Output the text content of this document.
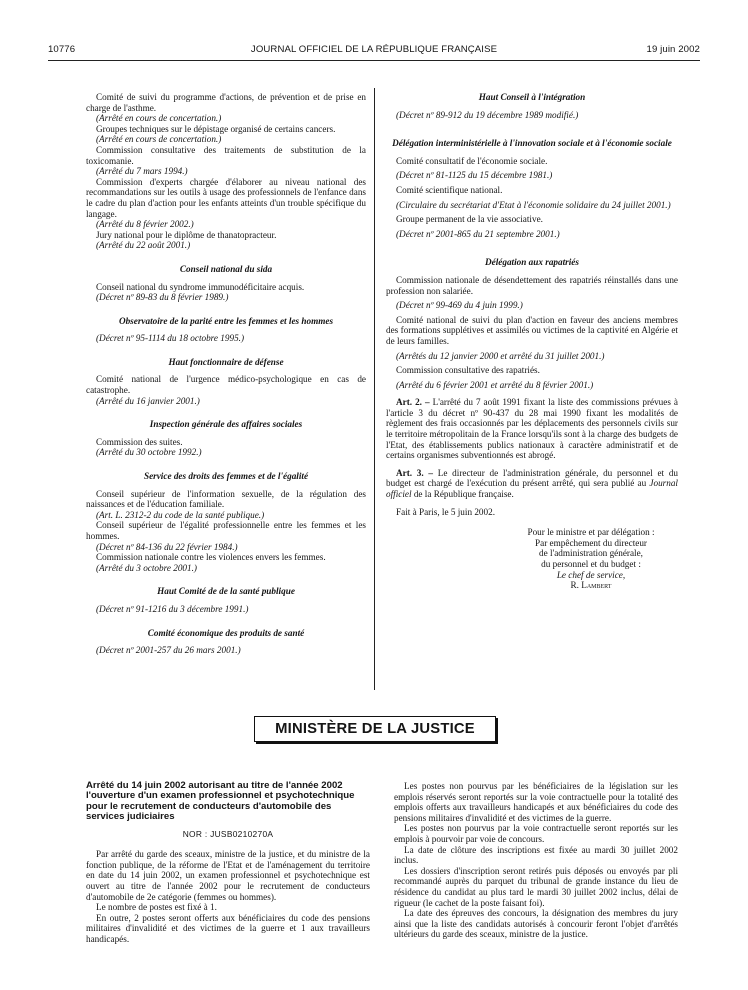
10776	JOURNAL OFFICIEL DE LA RÉPUBLIQUE FRANÇAISE	19 juin 2002

Comité de suivi du programme d'actions, de prévention et de prise en charge de l'asthme.

(Arrêté en cours de concertation.)

Groupes techniques sur le dépistage organisé de certains cancers.

(Arrêté en cours de concertation.)

Commission consultative des traitements de substitution de la toxicomanie.

(Arrêté du 7 mars 1994.)

Commission d'experts chargée d'élaborer au niveau national des recommandations sur les outils à usage des professionnels de l'enfance dans le cadre du plan d'action pour les enfants atteints d'un trouble spécifique du langage.

(Arrêté du 8 février 2002.)

Jury national pour le diplôme de thanatopracteur.

(Arrêté du 22 août 2001.)

Conseil national du sida

Conseil national du syndrome immunodéficitaire acquis.

(Décret nº 89-83 du 8 février 1989.)

Observatoire de la parité entre les femmes et les hommes

(Décret nº 95-1114 du 18 octobre 1995.)

Haut fonctionnaire de défense

Comité national de l'urgence médico-psychologique en cas de catastrophe.

(Arrêté du 16 janvier 2001.)

Inspection générale des affaires sociales

Commission des suites.

(Arrêté du 30 octobre 1992.)

Service des droits des femmes et de l'égalité

Conseil supérieur de l'information sexuelle, de la régulation des naissances et de l'éducation familiale.

(Art. L. 2312-2 du code de la santé publique.)

Conseil supérieur de l'égalité professionnelle entre les femmes et les hommes.

(Décret nº 84-136 du 22 février 1984.)

Commission nationale contre les violences envers les femmes.

(Arrêté du 3 octobre 2001.)

Haut Comité de de la santé publique

(Décret nº 91-1216 du 3 décembre 1991.)

Comité économique des produits de santé

(Décret nº 2001-257 du 26 mars 2001.)

Haut Conseil à l'intégration

(Décret nº 89-912 du 19 décembre 1989 modifié.)

Délégation interministérielle à l'innovation sociale et à l'économie sociale

Comité consultatif de l'économie sociale.

(Décret nº 81-1125 du 15 décembre 1981.)

Comité scientifique national.

(Circulaire du secrétariat d'Etat à l'économie solidaire du 24 juillet 2001.)

Groupe permanent de la vie associative.

(Décret nº 2001-865 du 21 septembre 2001.)

Délégation aux rapatriés

Commission nationale de désendettement des rapatriés réinstallés dans une profession non salariée.

(Décret nº 99-469 du 4 juin 1999.)

Comité national de suivi du plan d'action en faveur des anciens membres des formations supplétives et assimilés ou victimes de la captivité en Algérie et de leurs familles.

(Arrêtés du 12 janvier 2000 et arrêté du 31 juillet 2001.)

Commission consultative des rapatriés.

(Arrêté du 6 février 2001 et arrêté du 8 février 2001.)

Art. 2. – L'arrêté du 7 août 1991 fixant la liste des commissions prévues à l'article 3 du décret nº 90-437 du 28 mai 1990 fixant les modalités de règlement des frais occasionnés par les déplacements des personnels civils sur le territoire métropolitain de la France lorsqu'ils sont à la charge des budgets de l'Etat, des établissements publics nationaux à caractère administratif et de certains organismes subventionnés est abrogé.

Art. 3. – Le directeur de l'administration générale, du personnel et du budget est chargé de l'exécution du présent arrêté, qui sera publié au Journal officiel de la République française.

Fait à Paris, le 5 juin 2002.

Pour le ministre et par délégation :
Par empêchement du directeur
de l'administration générale,
du personnel et du budget :
Le chef de service,
R. Lambert
MINISTÈRE DE LA JUSTICE

Arrêté du 14 juin 2002 autorisant au titre de l'année 2002 l'ouverture d'un examen professionnel et psychotechnique pour le recrutement de conducteurs d'automobile des services judiciaires

NOR : JUSB0210270A

Par arrêté du garde des sceaux, ministre de la justice, et du ministre de la fonction publique, de la réforme de l'Etat et de l'aménagement du territoire en date du 14 juin 2002, un examen professionnel et psychotechnique est ouvert au titre de l'année 2002 pour le recrutement de conducteurs d'automobile de 2e catégorie (femmes ou hommes).

Le nombre de postes est fixé à 1.

En outre, 2 postes seront offerts aux bénéficiaires du code des pensions militaires d'invalidité et des victimes de la guerre et 1 aux travailleurs handicapés.

Les postes non pourvus par les bénéficiaires de la législation sur les emplois réservés seront reportés sur la voie contractuelle pour la totalité des emplois offerts aux travailleurs handicapés et aux bénéficiaires du code des pensions militaires d'invalidité et des victimes de la guerre.

Les postes non pourvus par la voie contractuelle seront reportés sur les emplois à pourvoir par voie de concours.

La date de clôture des inscriptions est fixée au mardi 30 juillet 2002 inclus.

Les dossiers d'inscription seront retirés puis déposés ou envoyés par pli recommandé auprès du parquet du tribunal de grande instance du lieu de résidence du candidat au plus tard le mardi 30 juillet 2002 inclus, délai de rigueur (le cachet de la poste faisant foi).

La date des épreuves des concours, la désignation des membres du jury ainsi que la liste des candidats autorisés à concourir feront l'objet d'arrêtés ultérieurs du garde des sceaux, ministre de la justice.
